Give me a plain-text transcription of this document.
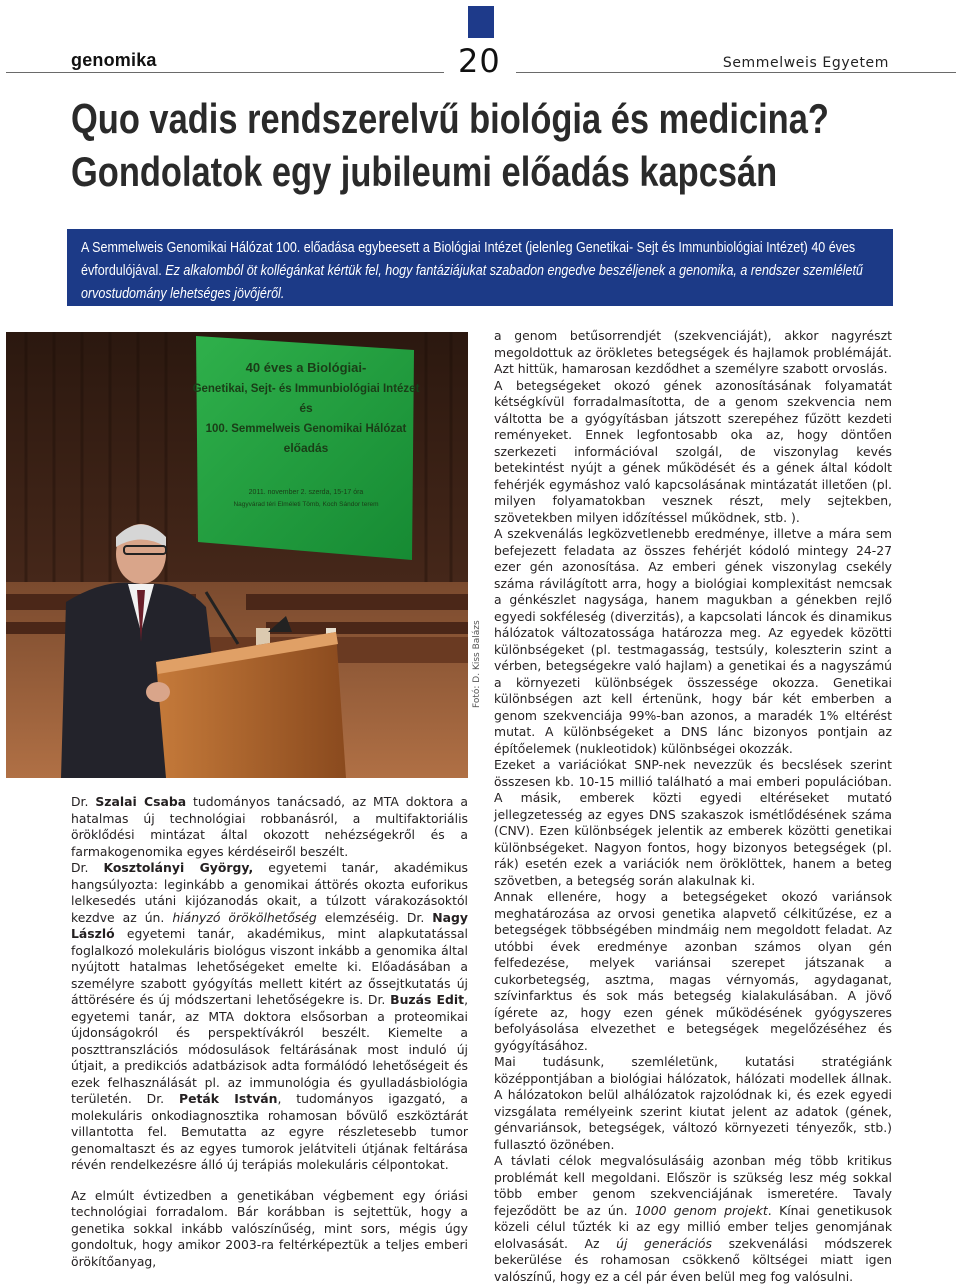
genomika	20	Semmelweis Egyetem
Quo vadis rendszerelvű biológia és medicina?
Gondolatok egy jubileumi előadás kapcsán
A Semmelweis Genomikai Hálózat 100. előadása egybeesett a Biológiai Intézet (jelenleg Genetikai- Sejt és Immunbiológiai Intézet) 40 éves évfordulójával. Ez alkalomból öt kollégánkat kértük fel, hogy fantáziájukat szabadon engedve beszéljenek a genomika, a rendszer szemléletű orvostudomány lehetséges jövőjéről.
40 éves a Biológiai-
Genetikai, Sejt- és Immunbiológiai Intézet
és
100. Semmelweis Genomikai Hálózat
előadás
2011. november 2. szerda, 15-17 óra
Nagyvárad téri Elméleti Tömb, Koch Sándor terem
Fotó: D. Kiss Balázs

Dr. Szalai Csaba tudományos tanácsadó, az MTA doktora a hatalmas új technológiai robbanásról, a multifaktoriális öröklődési mintázat által okozott nehézségekről és a farmakogenomika egyes kérdéseiről beszélt.

Dr. Kosztolányi György, egyetemi tanár, akadémikus hangsúlyozta: leginkább a genomikai áttörés okozta euforikus lelkesedés utáni kijózanodás okait, a túlzott várakozásoktól kezdve az ún. hiányzó örökölhetőség elemzéséig. Dr. Nagy László egyetemi tanár, akadémikus, mint alapkutatással foglalkozó molekuláris biológus viszont inkább a genomika által nyújtott hatalmas lehetőségeket emelte ki. Előadásában a személyre szabott gyógyítás mellett kitért az őssejtkutatás új áttörésére és új módszertani lehetőségekre is. Dr. Buzás Edit, egyetemi tanár, az MTA doktora elsősorban a proteomikai újdonságokról és perspektívákról beszélt. Kiemelte a poszttranszlációs módosulások feltárásának most induló új útjait, a predikciós adatbázisok adta formálódó lehetőségeit és ezek felhasználását pl. az immunológia és gyulladásbiológia területén. Dr. Peták István, tudományos igazgató, a molekuláris onkodiagnosztika rohamosan bővülő eszköztárát villantotta fel. Bemutatta az egyre részletesebb tumor genomaltaszt és az egyes tumorok jelátviteli útjának feltárása révén rendelkezésre álló új terápiás molekuláris célpontokat.

Az elmúlt évtizedben a genetikában végbement egy óriási technológiai forradalom. Bár korábban is sejtettük, hogy a genetika sokkal inkább valószínűség, mint sors, mégis úgy gondoltuk, hogy amikor 2003-ra feltérképeztük a teljes emberi örökítőanyag,

a genom betűsorrendjét (szekvenciáját), akkor nagyrészt megoldottuk az örökletes betegségek és hajlamok problémáját. Azt hittük, hamarosan kezdődhet a személyre szabott orvoslás.

A betegségeket okozó gének azonosításának folyamatát kétségkívül forradalmasította, de a genom szekvencia nem váltotta be a gyógyításban játszott szerepéhez fűzött kezdeti reményeket. Ennek legfontosabb oka az, hogy döntően szerkezeti információval szolgál, de viszonylag kevés betekintést nyújt a gének működését és a gének által kódolt fehérjék egymáshoz való kapcsolásának mintázatát illetően (pl. milyen folyamatokban vesznek részt, mely sejtekben, szövetekben milyen időzítéssel működnek, stb. ).

A szekvenálás legközvetlenebb eredménye, illetve a mára sem befejezett feladata az összes fehérjét kódoló mintegy 24-27 ezer gén azonosítása. Az emberi gének viszonylag csekély száma rávilágított arra, hogy a biológiai komplexitást nemcsak a génkészlet nagysága, hanem magukban a génekben rejlő egyedi sokféleség (diverzitás), a kapcsolati láncok és dinamikus hálózatok változatossága határozza meg. Az egyedek közötti különbségeket (pl. testmagasság, testsúly, koleszterin szint a vérben, betegségekre való hajlam) a genetikai és a nagyszámú a környezeti különbségek összessége okozza. Genetikai különbségen azt kell értenünk, hogy bár két emberben a genom szekvenciája 99%-ban azonos, a maradék 1% eltérést mutat. A különbségeket a DNS lánc bizonyos pontjain az építőelemek (nukleotidok) különbségei okozzák.

Ezeket a variációkat SNP-nek nevezzük és becslések szerint összesen kb. 10-15 millió található a mai emberi populációban. A másik, emberek közti egyedi eltéréseket mutató jellegzetesség az egyes DNS szakaszok ismétlődésének száma (CNV). Ezen különbségek jelentik az emberek közötti genetikai különbségeket. Nagyon fontos, hogy bizonyos betegségek (pl. rák) esetén ezek a variációk nem öröklöttek, hanem a beteg szövetben, a betegség során alakulnak ki.

Annak ellenére, hogy a betegségeket okozó variánsok meghatározása az orvosi genetika alapvető célkitűzése, ez a betegségek többségében mindmáig nem megoldott feladat. Az utóbbi évek eredménye azonban számos olyan gén felfedezése, melyek variánsai szerepet játszanak a cukorbetegség, asztma, magas vérnyomás, agydaganat, szívinfarktus és sok más betegség kialakulásában. A jövő ígérete az, hogy ezen gének működésének gyógyszeres befolyásolása elvezethet e betegségek megelőzéséhez és gyógyításához.

Mai tudásunk, szemléletünk, kutatási stratégiánk középpontjában a biológiai hálózatok, hálózati modellek állnak. A hálózatokon belül alhálózatok rajzolódnak ki, és ezek egyedi vizsgálata remélyeink szerint kiutat jelent az adatok (gének, génvariánsok, betegségek, változó környezeti tényezők, stb.) fullasztó özönében.

A távlati célok megvalósulásáig azonban még több kritikus problémát kell megoldani. Először is szükség lesz még sokkal több ember genom szekvenciájának ismeretére. Tavaly fejeződött be az ún. 1000 genom projekt. Kínai genetikusok közeli célul tűzték ki az egy millió ember teljes genomjának elolvasását. Az új generációs szekvenálási módszerek bekerülése és rohamosan csökkenő költségei miatt igen valószínű, hogy ez a cél pár éven belül meg fog valósulni.
